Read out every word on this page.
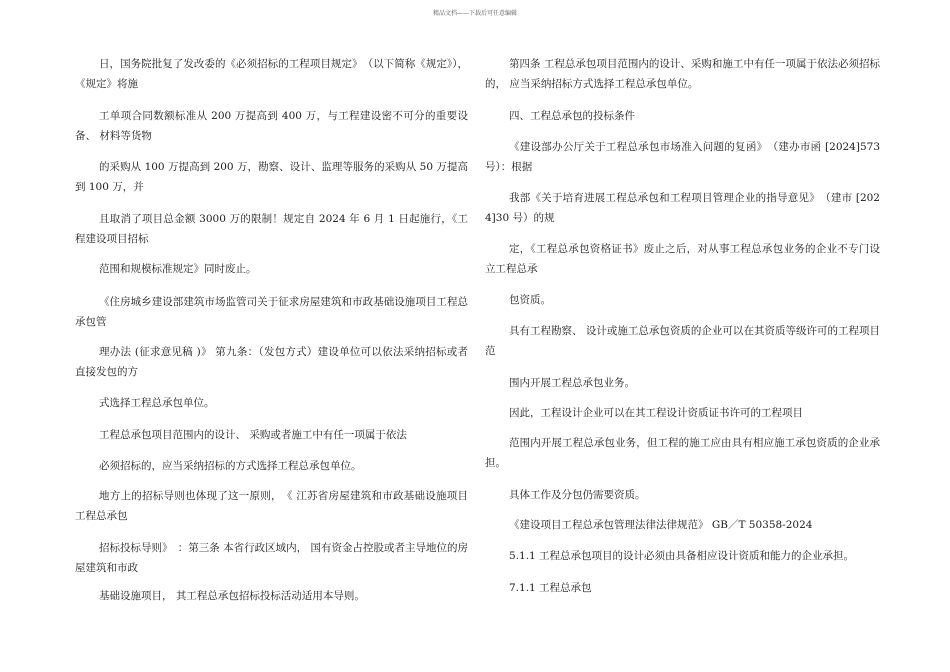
精品文档——下载后可任意编辑

日，国务院批复了发改委的《必须招标的工程项目规定》　（以下简称《规定》），《规定》将施

工单项合同数额标准从 200 万提高到 400 万，与工程建设密不可分的重要设备、 材料等货物

的采购从 100 万提高到 200 万，勘察、设计、监理等服务的采购从 50 万提高到 100 万，并

且取消了项目总金额 3000 万的限制！规定自 2024 年 6 月 1 日起施行，《工程建设项目招标

范围和规模标准规定》同时废止。

《住房城乡建设部建筑市场监管司关于征求房屋建筑和市政基础设施项目工程总承包管

理办法 (征求意见稿 )》 第九条：（发包方式）建设单位可以依法采纳招标或者直接发包的方

式选择工程总承包单位。

工程总承包项目范围内的设计、 采购或者施工中有任一项属于依法

必须招标的，应当采纳招标的方式选择工程总承包单位。

地方上的招标导则也体现了这一原则，　《 江苏省房屋建筑和市政基础设施项目工程总承包

招标投标导则》　：第三条 本省行政区域内， 国有资金占控股或者主导地位的房屋建筑和市政

基础设施项目， 其工程总承包招标投标活动适用本导则。

第四条 工程总承包项目范围内的设计、采购和施工中有任一项属于依法必须招标的， 应当采纳招标方式选择工程总承包单位。

四、工程总承包的投标条件

《建设部办公厅关于工程总承包市场准入问题的复函》　（建办市函 [2024]573 号）：根据

我部《关于培育进展工程总承包和工程项目管理企业的指导意见》　（建市 [2024]30 号）的规

定，《工程总承包资格证书》废止之后，对从事工程总承包业务的企业不专门设立工程总承

包资质。

具有工程勘察、 设计或施工总承包资质的企业可以在其资质等级许可的工程项目范

围内开展工程总承包业务。

因此，工程设计企业可以在其工程设计资质证书许可的工程项目

范围内开展工程总承包业务，但工程的施工应由具有相应施工承包资质的企业承担。

具体工作及分包仍需要资质。

《建设项目工程总承包管理法律法律规范》 GB／T 50358-2024

5.1.1 工程总承包项目的设计必须由具备相应设计资质和能力的企业承担。

7.1.1 工程总承包
